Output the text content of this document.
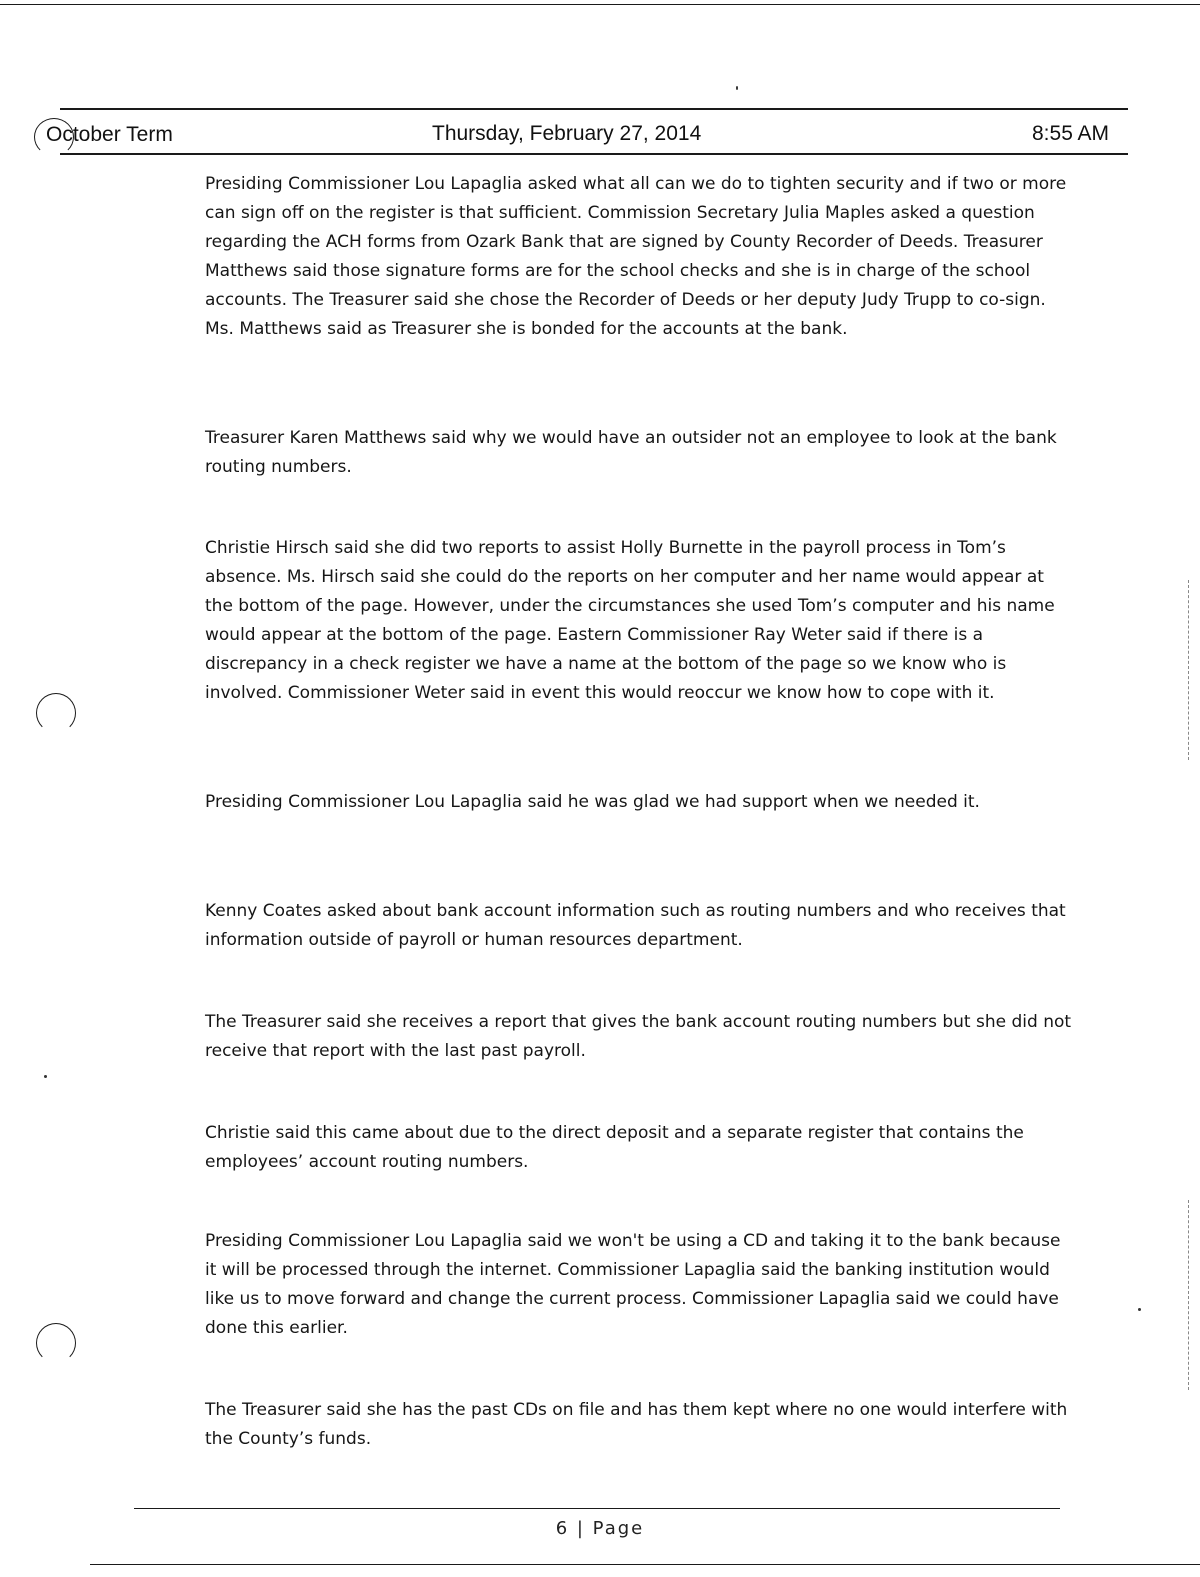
October Term	Thursday, February 27, 2014	8:55 AM

Presiding Commissioner Lou Lapaglia asked what all can we do to tighten security and if two or more can sign off on the register is that sufficient. Commission Secretary Julia Maples asked a question regarding the ACH forms from Ozark Bank that are signed by County Recorder of Deeds. Treasurer Matthews said those signature forms are for the school checks and she is in charge of the school accounts. The Treasurer said she chose the Recorder of Deeds or her deputy Judy Trupp to co-sign. Ms. Matthews said as Treasurer she is bonded for the accounts at the bank.

Treasurer Karen Matthews said why we would have an outsider not an employee to look at the bank routing numbers.

Christie Hirsch said she did two reports to assist Holly Burnette in the payroll process in Tom’s absence. Ms. Hirsch said she could do the reports on her computer and her name would appear at the bottom of the page. However, under the circumstances she used Tom’s computer and his name would appear at the bottom of the page. Eastern Commissioner Ray Weter said if there is a discrepancy in a check register we have a name at the bottom of the page so we know who is involved. Commissioner Weter said in event this would reoccur we know how to cope with it.

Presiding Commissioner Lou Lapaglia said he was glad we had support when we needed it.

Kenny Coates asked about bank account information such as routing numbers and who receives that information outside of payroll or human resources department.

The Treasurer said she receives a report that gives the bank account routing numbers but she did not receive that report with the last past payroll.

Christie said this came about due to the direct deposit and a separate register that contains the employees’ account routing numbers.

Presiding Commissioner Lou Lapaglia said we won't be using a CD and taking it to the bank because it will be processed through the internet. Commissioner Lapaglia said the banking institution would like us to move forward and change the current process. Commissioner Lapaglia said we could have done this earlier.

The Treasurer said she has the past CDs on file and has them kept where no one would interfere with the County’s funds.

6 | Page
